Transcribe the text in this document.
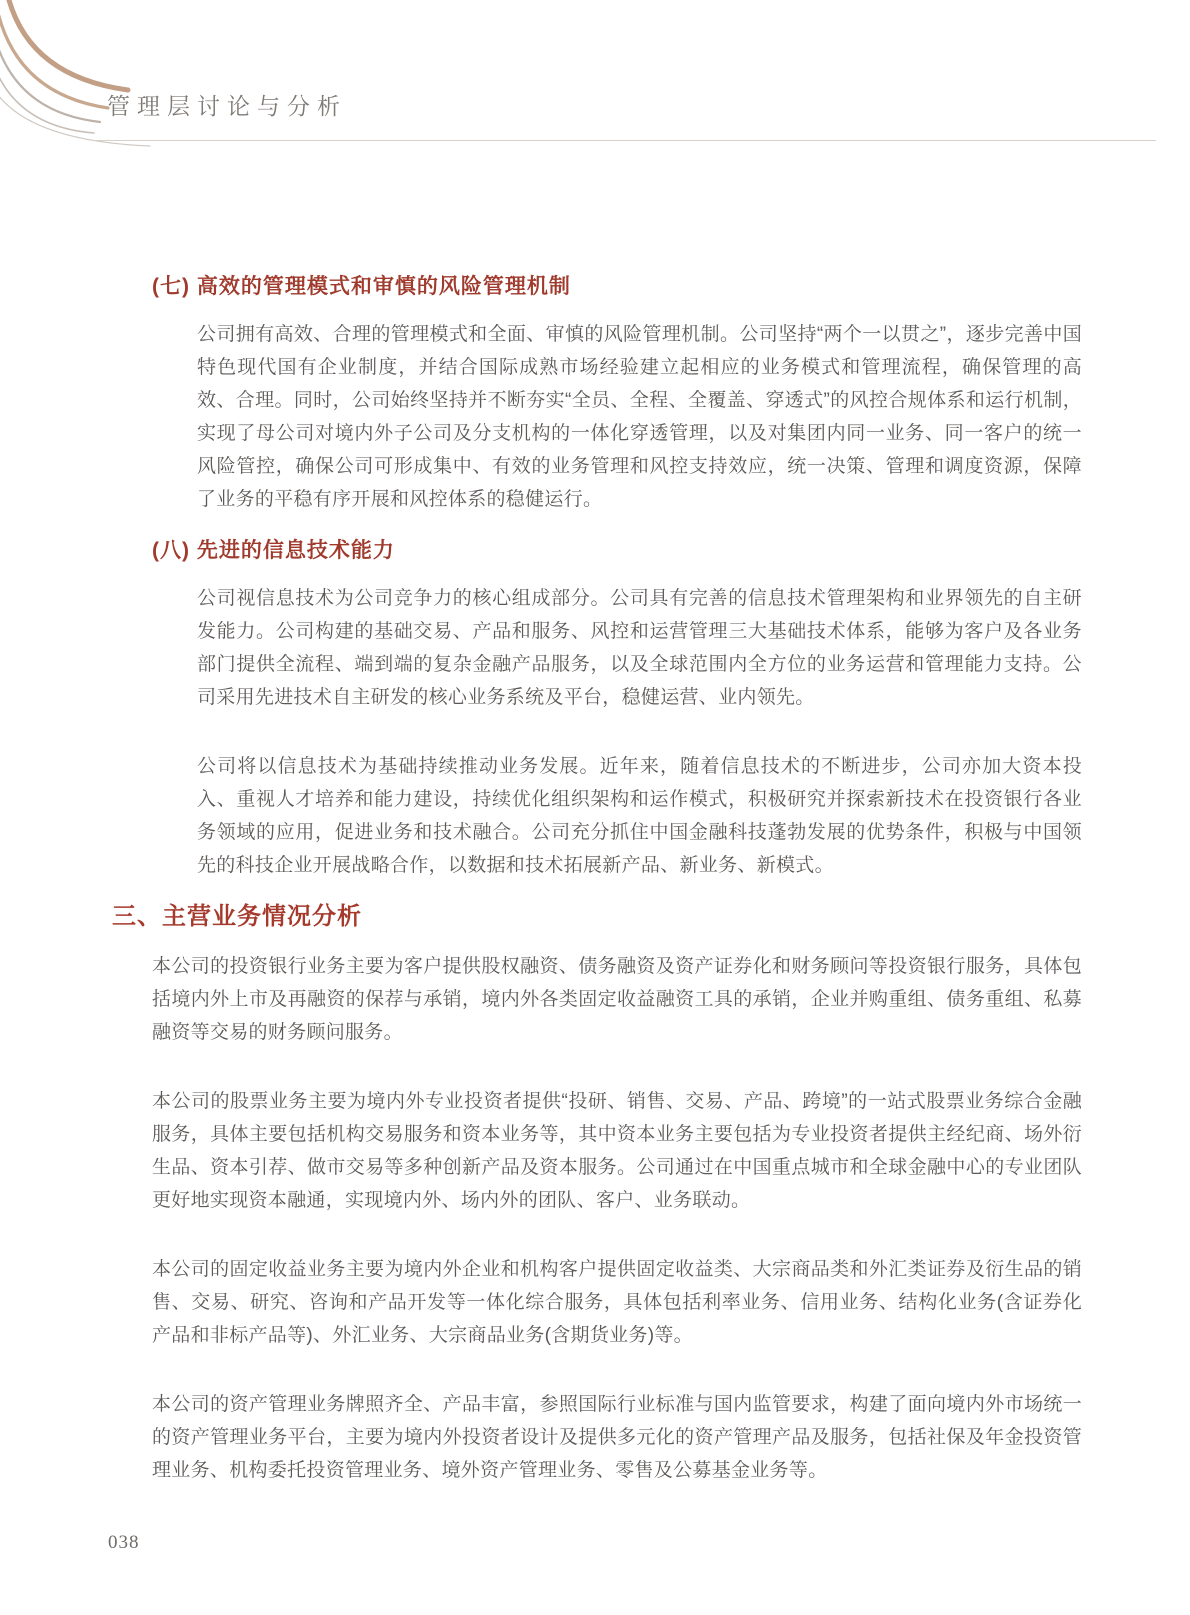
管理层讨论与分析
(七) 高效的管理模式和审慎的风险管理机制

公司拥有高效、合理的管理模式和全面、审慎的风险管理机制。公司坚持“两个一以贯之”，逐步完善中国特色现代国有企业制度，并结合国际成熟市场经验建立起相应的业务模式和管理流程，确保管理的高效、合理。同时，公司始终坚持并不断夯实“全员、全程、全覆盖、穿透式”的风控合规体系和运行机制，实现了母公司对境内外子公司及分支机构的一体化穿透管理，以及对集团内同一业务、同一客户的统一风险管控，确保公司可形成集中、有效的业务管理和风控支持效应，统一决策、管理和调度资源，保障了业务的平稳有序开展和风控体系的稳健运行。

(八) 先进的信息技术能力

公司视信息技术为公司竞争力的核心组成部分。公司具有完善的信息技术管理架构和业界领先的自主研发能力。公司构建的基础交易、产品和服务、风控和运营管理三大基础技术体系，能够为客户及各业务部门提供全流程、端到端的复杂金融产品服务，以及全球范围内全方位的业务运营和管理能力支持。公司采用先进技术自主研发的核心业务系统及平台，稳健运营、业内领先。

公司将以信息技术为基础持续推动业务发展。近年来，随着信息技术的不断进步，公司亦加大资本投入、重视人才培养和能力建设，持续优化组织架构和运作模式，积极研究并探索新技术在投资银行各业务领域的应用，促进业务和技术融合。公司充分抓住中国金融科技蓬勃发展的优势条件，积极与中国领先的科技企业开展战略合作，以数据和技术拓展新产品、新业务、新模式。

三、主营业务情况分析

本公司的投资银行业务主要为客户提供股权融资、债务融资及资产证券化和财务顾问等投资银行服务，具体包括境内外上市及再融资的保荐与承销，境内外各类固定收益融资工具的承销，企业并购重组、债务重组、私募融资等交易的财务顾问服务。

本公司的股票业务主要为境内外专业投资者提供“投研、销售、交易、产品、跨境”的一站式股票业务综合金融服务，具体主要包括机构交易服务和资本业务等，其中资本业务主要包括为专业投资者提供主经纪商、场外衍生品、资本引荐、做市交易等多种创新产品及资本服务。公司通过在中国重点城市和全球金融中心的专业团队更好地实现资本融通，实现境内外、场内外的团队、客户、业务联动。

本公司的固定收益业务主要为境内外企业和机构客户提供固定收益类、大宗商品类和外汇类证券及衍生品的销售、交易、研究、咨询和产品开发等一体化综合服务，具体包括利率业务、信用业务、结构化业务(含证券化产品和非标产品等)、外汇业务、大宗商品业务(含期货业务)等。

本公司的资产管理业务牌照齐全、产品丰富，参照国际行业标准与国内监管要求，构建了面向境内外市场统一的资产管理业务平台，主要为境内外投资者设计及提供多元化的资产管理产品及服务，包括社保及年金投资管理业务、机构委托投资管理业务、境外资产管理业务、零售及公募基金业务等。

038
